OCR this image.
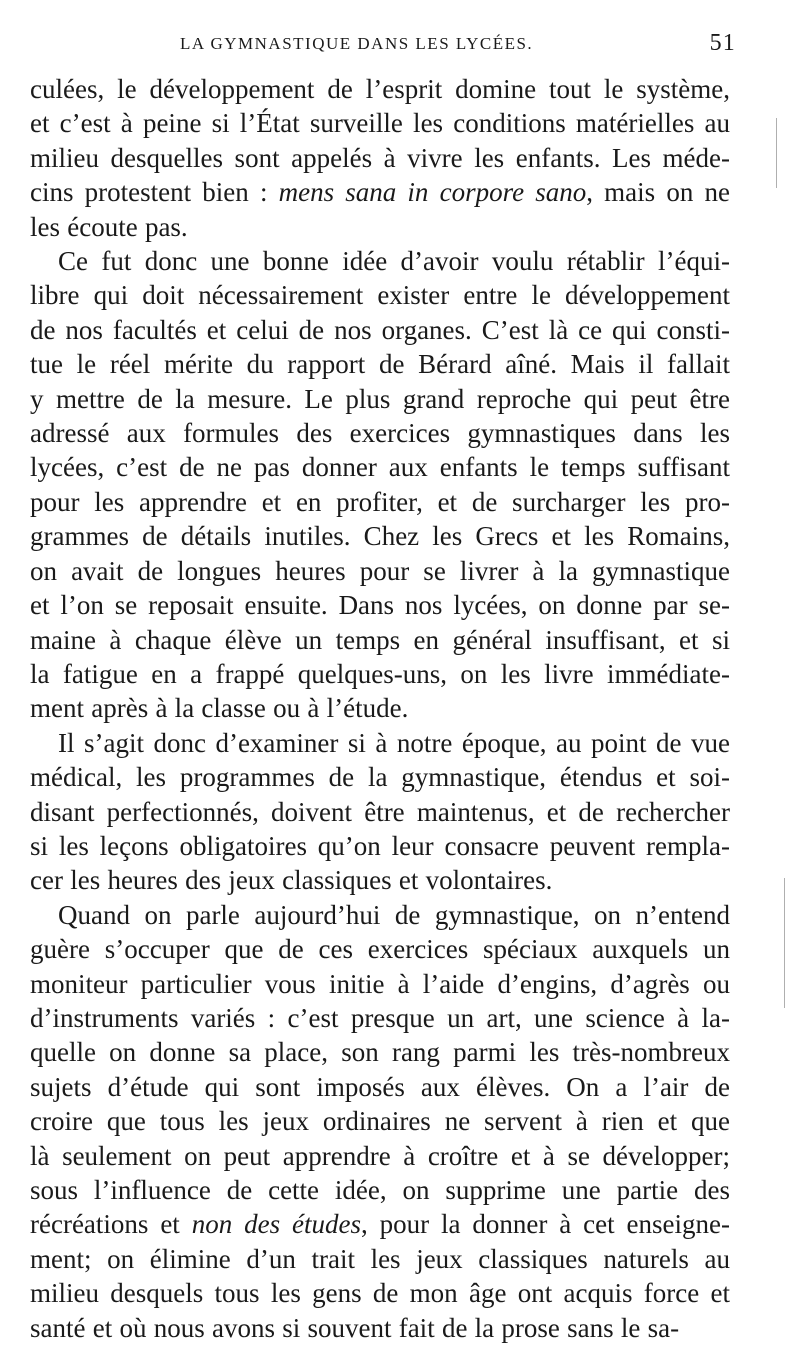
LA GYMNASTIQUE DANS LES LYCÉES.	51

culées, le développement de l’esprit domine tout le système,
et c’est à peine si l’État surveille les conditions matérielles au
milieu desquelles sont appelés à vivre les enfants. Les méde-
cins protestent bien : mens sana in corpore sano, mais on ne
les écoute pas.

Ce fut donc une bonne idée d’avoir voulu rétablir l’équi-
libre qui doit nécessairement exister entre le développement
de nos facultés et celui de nos organes. C’est là ce qui consti-
tue le réel mérite du rapport de Bérard aîné. Mais il fallait
y mettre de la mesure. Le plus grand reproche qui peut être
adressé aux formules des exercices gymnastiques dans les
lycées, c’est de ne pas donner aux enfants le temps suffisant
pour les apprendre et en profiter, et de surcharger les pro-
grammes de détails inutiles. Chez les Grecs et les Romains,
on avait de longues heures pour se livrer à la gymnastique
et l’on se reposait ensuite. Dans nos lycées, on donne par se-
maine à chaque élève un temps en général insuffisant, et si
la fatigue en a frappé quelques-uns, on les livre immédiate-
ment après à la classe ou à l’étude.

Il s’agit donc d’examiner si à notre époque, au point de vue
médical, les programmes de la gymnastique, étendus et soi-
disant perfectionnés, doivent être maintenus, et de rechercher
si les leçons obligatoires qu’on leur consacre peuvent rempla-
cer les heures des jeux classiques et volontaires.

Quand on parle aujourd’hui de gymnastique, on n’entend
guère s’occuper que de ces exercices spéciaux auxquels un
moniteur particulier vous initie à l’aide d’engins, d’agrès ou
d’instruments variés : c’est presque un art, une science à la-
quelle on donne sa place, son rang parmi les très-nombreux
sujets d’étude qui sont imposés aux élèves. On a l’air de
croire que tous les jeux ordinaires ne servent à rien et que
là seulement on peut apprendre à croître et à se développer;
sous l’influence de cette idée, on supprime une partie des
récréations et non des études, pour la donner à cet enseigne-
ment; on élimine d’un trait les jeux classiques naturels au
milieu desquels tous les gens de mon âge ont acquis force et
santé et où nous avons si souvent fait de la prose sans le sa-
